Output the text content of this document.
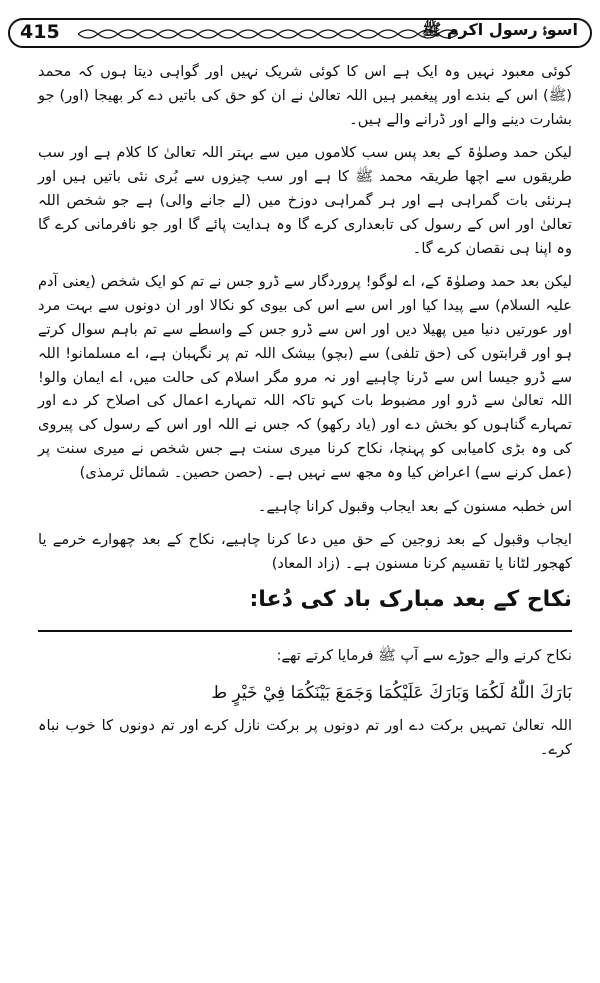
415	اسوۂ رسول اکرم ﷺ

کوئی معبود نہیں وہ ایک ہے اس کا کوئی شریک نہیں اور گواہی دیتا ہوں کہ محمد (ﷺ) اس کے بندے اور پیغمبر ہیں اللہ تعالیٰ نے ان کو حق کی باتیں دے کر بھیجا (اور) جو بشارت دینے والے اور ڈرانے والے ہیں۔

لیکن حمد وصلوٰۃ کے بعد پس سب کلاموں میں سے بہتر اللہ تعالیٰ کا کلام ہے اور سب طریقوں سے اچھا طریقہ محمد ﷺ کا ہے اور سب چیزوں سے بُری نئی باتیں ہیں اور ہرنئی بات گمراہی ہے اور ہر گمراہی دوزخ میں (لے جانے والی) ہے جو شخص اللہ تعالیٰ اور اس کے رسول کی تابعداری کرے گا وہ ہدایت پائے گا اور جو نافرمانی کرے گا وہ اپنا ہی نقصان کرے گا۔

لیکن بعد حمد وصلوٰۃ کے، اے لوگو! پروردگار سے ڈرو جس نے تم کو ایک شخص (یعنی آدم علیہ السلام) سے پیدا کیا اور اس سے اس کی بیوی کو نکالا اور ان دونوں سے بہت مرد اور عورتیں دنیا میں پھیلا دیں اور اس سے ڈرو جس کے واسطے سے تم باہم سوال کرتے ہو اور قرابتوں کی (حق تلفی) سے (بچو) بیشک اللہ تم پر نگہبان ہے، اے مسلمانو! اللہ سے ڈرو جیسا اس سے ڈرنا چاہیے اور نہ مرو مگر اسلام کی حالت میں، اے ایمان والو! اللہ تعالیٰ سے ڈرو اور مضبوط بات کہو تاکہ اللہ تمہارے اعمال کی اصلاح کر دے اور تمہارے گناہوں کو بخش دے اور (یاد رکھو) کہ جس نے اللہ اور اس کے رسول کی پیروی کی وہ بڑی کامیابی کو پہنچا، نکاح کرنا میری سنت ہے جس شخص نے میری سنت پر (عمل کرنے سے) اعراض کیا وہ مجھ سے نہیں ہے۔ (حصن حصین۔ شمائل ترمذی)

اس خطبہ مسنون کے بعد ایجاب وقبول کرانا چاہیے۔

ایجاب وقبول کے بعد زوجین کے حق میں دعا کرنا چاہیے، نکاح کے بعد چھوارے خرمے یا کھجور لٹانا یا تقسیم کرنا مسنون ہے۔ (زاد المعاد)

نکاح کے بعد مبارک باد کی دُعا:

نکاح کرنے والے جوڑے سے آپ ﷺ فرمایا کرتے تھے:

بَارَكَ اللّٰهُ لَكُمَا وَبَارَكَ عَلَيْكُمَا وَجَمَعَ بَيْنَكُمَا فِيْ خَيْرٍ ط

اللہ تعالیٰ تمہیں برکت دے اور تم دونوں پر برکت نازل کرے اور تم دونوں کا خوب نباہ کرے۔
